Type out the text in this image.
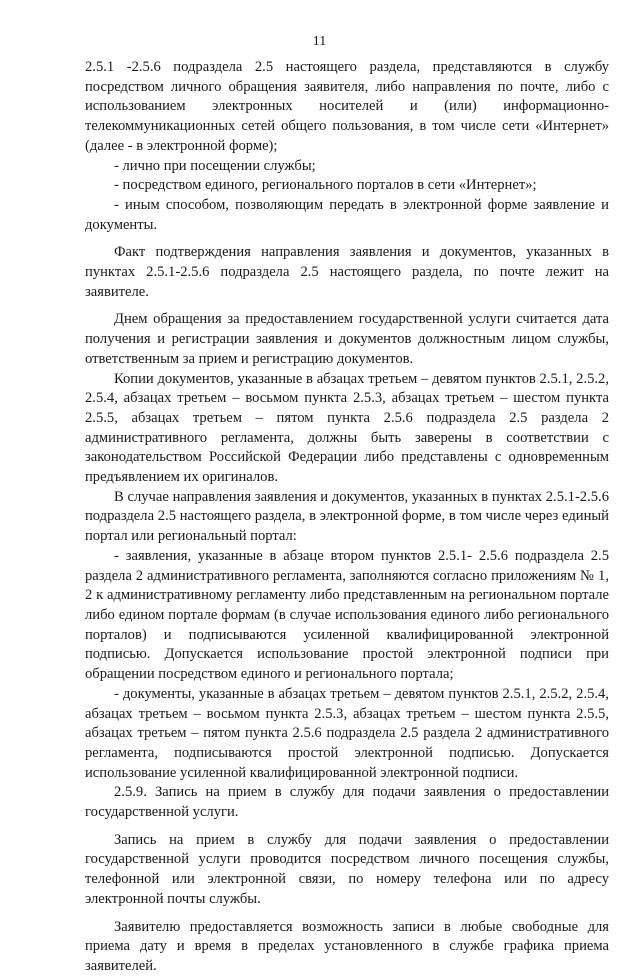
11

2.5.1 -2.5.6 подраздела 2.5 настоящего раздела, представляются в службу посредством личного обращения заявителя, либо направления по почте, либо с использованием электронных носителей и (или) информационно-телекоммуникационных сетей общего пользования, в том числе сети «Интернет» (далее - в электронной форме);

- лично при посещении службы;

- посредством единого, регионального порталов в сети «Интернет»;

- иным способом, позволяющим передать в электронной форме заявление и документы.

Факт подтверждения направления заявления и документов, указанных в пунктах 2.5.1-2.5.6 подраздела 2.5 настоящего раздела, по почте лежит на заявителе.

Днем обращения за предоставлением государственной услуги считается дата получения и регистрации заявления и документов должностным лицом службы, ответственным за прием и регистрацию документов.

Копии документов, указанные в абзацах третьем – девятом пунктов 2.5.1, 2.5.2, 2.5.4, абзацах третьем – восьмом пункта 2.5.3, абзацах третьем – шестом пункта 2.5.5, абзацах третьем – пятом пункта 2.5.6 подраздела 2.5 раздела 2 административного регламента, должны быть заверены в соответствии с законодательством Российской Федерации либо представлены с одновременным предъявлением их оригиналов.

В случае направления заявления и документов, указанных в пунктах 2.5.1-2.5.6 подраздела 2.5 настоящего раздела, в электронной форме, в том числе через единый портал или региональный портал:

- заявления, указанные в абзаце втором пунктов 2.5.1- 2.5.6 подраздела 2.5 раздела 2 административного регламента, заполняются согласно приложениям № 1, 2 к административному регламенту либо представленным на региональном портале либо едином портале формам (в случае использования единого либо регионального порталов) и подписываются усиленной квалифицированной электронной подписью. Допускается использование простой электронной подписи при обращении посредством единого и регионального портала;

- документы, указанные в абзацах третьем – девятом пунктов 2.5.1, 2.5.2, 2.5.4, абзацах третьем – восьмом пункта 2.5.3, абзацах третьем – шестом пункта 2.5.5, абзацах третьем – пятом пункта 2.5.6 подраздела 2.5 раздела 2 административного регламента, подписываются простой электронной подписью. Допускается использование усиленной квалифицированной электронной подписи.

2.5.9. Запись на прием в службу для подачи заявления о предоставлении государственной услуги.

Запись на прием в службу для подачи заявления о предоставлении государственной услуги проводится посредством личного посещения службы, телефонной или электронной связи, по номеру телефона или по адресу электронной почты службы.

Заявителю предоставляется возможность записи в любые свободные для приема дату и время в пределах установленного в службе графика приема заявителей.
